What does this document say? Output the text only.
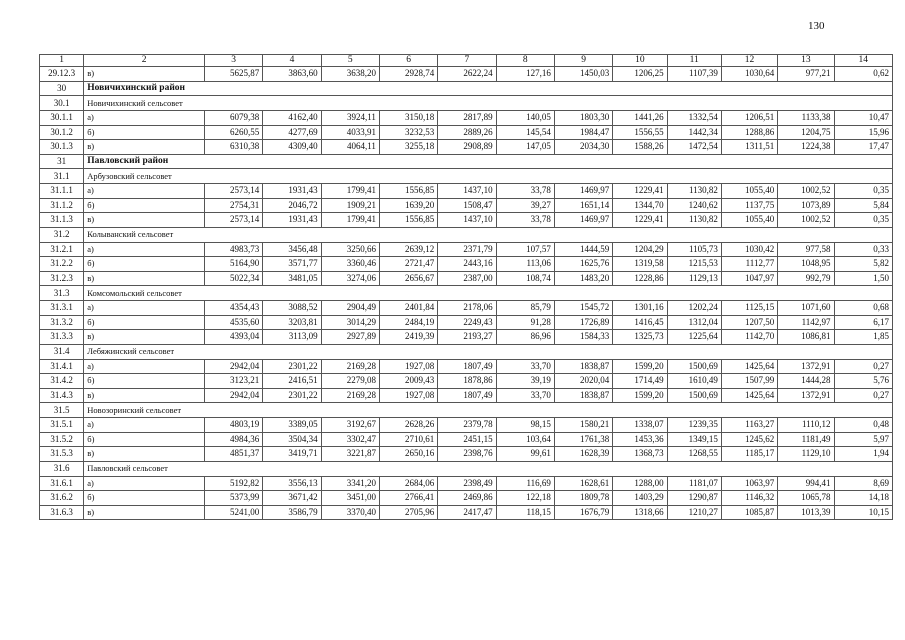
130
1	2	3	4	5	6	7	8	9	10	11	12	13	14
29.12.3	в)	5625,87	3863,60	3638,20	2928,74	2622,24	127,16	1450,03	1206,25	1107,39	1030,64	977,21	0,62
30	Новичихинский район												
30.1	Новичихинский сельсовет												
30.1.1	а)	6079,38	4162,40	3924,11	3150,18	2817,89	140,05	1803,30	1441,26	1332,54	1206,51	1133,38	10,47
30.1.2	б)	6260,55	4277,69	4033,91	3232,53	2889,26	145,54	1984,47	1556,55	1442,34	1288,86	1204,75	15,96
30.1.3	в)	6310,38	4309,40	4064,11	3255,18	2908,89	147,05	2034,30	1588,26	1472,54	1311,51	1224,38	17,47
31	Павловский район												
31.1	Арбузовский сельсовет												
31.1.1	а)	2573,14	1931,43	1799,41	1556,85	1437,10	33,78	1469,97	1229,41	1130,82	1055,40	1002,52	0,35
31.1.2	б)	2754,31	2046,72	1909,21	1639,20	1508,47	39,27	1651,14	1344,70	1240,62	1137,75	1073,89	5,84
31.1.3	в)	2573,14	1931,43	1799,41	1556,85	1437,10	33,78	1469,97	1229,41	1130,82	1055,40	1002,52	0,35
31.2	Колыванский сельсовет												
31.2.1	а)	4983,73	3456,48	3250,66	2639,12	2371,79	107,57	1444,59	1204,29	1105,73	1030,42	977,58	0,33
31.2.2	б)	5164,90	3571,77	3360,46	2721,47	2443,16	113,06	1625,76	1319,58	1215,53	1112,77	1048,95	5,82
31.2.3	в)	5022,34	3481,05	3274,06	2656,67	2387,00	108,74	1483,20	1228,86	1129,13	1047,97	992,79	1,50
31.3	Комсомольский сельсовет												
31.3.1	а)	4354,43	3088,52	2904,49	2401,84	2178,06	85,79	1545,72	1301,16	1202,24	1125,15	1071,60	0,68
31.3.2	б)	4535,60	3203,81	3014,29	2484,19	2249,43	91,28	1726,89	1416,45	1312,04	1207,50	1142,97	6,17
31.3.3	в)	4393,04	3113,09	2927,89	2419,39	2193,27	86,96	1584,33	1325,73	1225,64	1142,70	1086,81	1,85
31.4	Лебяжинский сельсовет												
31.4.1	а)	2942,04	2301,22	2169,28	1927,08	1807,49	33,70	1838,87	1599,20	1500,69	1425,64	1372,91	0,27
31.4.2	б)	3123,21	2416,51	2279,08	2009,43	1878,86	39,19	2020,04	1714,49	1610,49	1507,99	1444,28	5,76
31.4.3	в)	2942,04	2301,22	2169,28	1927,08	1807,49	33,70	1838,87	1599,20	1500,69	1425,64	1372,91	0,27
31.5	Новозоринский сельсовет												
31.5.1	а)	4803,19	3389,05	3192,67	2628,26	2379,78	98,15	1580,21	1338,07	1239,35	1163,27	1110,12	0,48
31.5.2	б)	4984,36	3504,34	3302,47	2710,61	2451,15	103,64	1761,38	1453,36	1349,15	1245,62	1181,49	5,97
31.5.3	в)	4851,37	3419,71	3221,87	2650,16	2398,76	99,61	1628,39	1368,73	1268,55	1185,17	1129,10	1,94
31.6	Павловский сельсовет												
31.6.1	а)	5192,82	3556,13	3341,20	2684,06	2398,49	116,69	1628,61	1288,00	1181,07	1063,97	994,41	8,69
31.6.2	б)	5373,99	3671,42	3451,00	2766,41	2469,86	122,18	1809,78	1403,29	1290,87	1146,32	1065,78	14,18
31.6.3	в)	5241,00	3586,79	3370,40	2705,96	2417,47	118,15	1676,79	1318,66	1210,27	1085,87	1013,39	10,15
